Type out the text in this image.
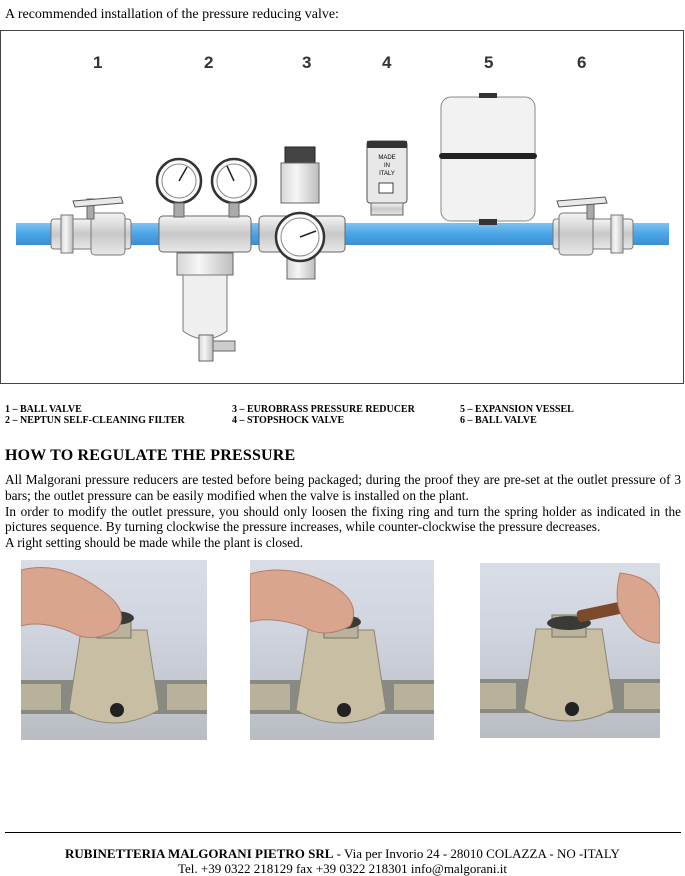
A recommended installation of the pressure reducing valve:
MADE
IN
ITALY
1	2	3	4	5	6
1 – BALL VALVE
2 – NEPTUN SELF-CLEANING FILTER
3 – EUROBRASS PRESSURE REDUCER
4 – STOPSHOCK VALVE
5 – EXPANSION VESSEL
6 – BALL VALVE
HOW TO REGULATE THE PRESSURE

All Malgorani pressure reducers are tested before being packaged; during the proof they are pre-set at the outlet pressure of 3 bars; the outlet pressure can be easily modified when the valve is installed on the plant.

In order to modify the outlet pressure, you should only loosen the fixing ring and turn the spring holder as indicated in the pictures sequence. By turning clockwise the pressure increases, while counter-clockwise the pressure decreases.

A right setting should be made while the plant is closed.

RUBINETTERIA MALGORANI PIETRO SRL - Via per Invorio 24 - 28010 COLAZZA - NO -ITALY
Tel. +39 0322 218129 fax +39 0322 218301 info@malgorani.it
